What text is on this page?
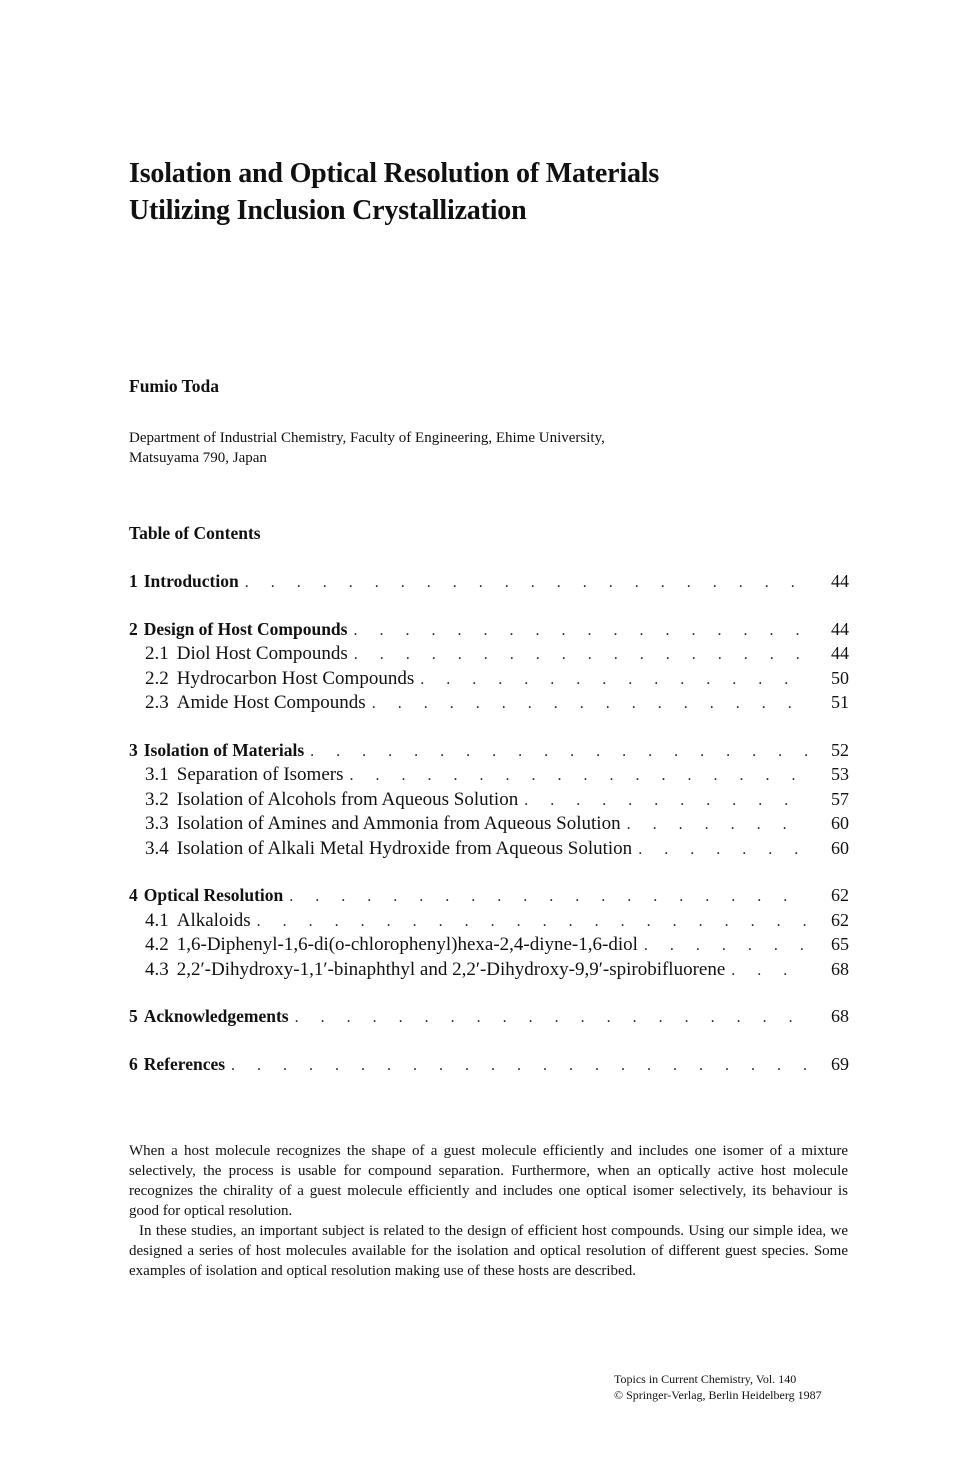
Isolation and Optical Resolution of Materials
Utilizing Inclusion Crystallization

Fumio Toda

Department of Industrial Chemistry, Faculty of Engineering, Ehime University,
Matsuyama 790, Japan

Table of Contents
1 Introduction . . .	44
2 Design of Host Compounds . . .	44
2.1 Diol Host Compounds . . .	44
2.2 Hydrocarbon Host Compounds . . .	50
2.3 Amide Host Compounds . . .	51
3 Isolation of Materials . . .	52
3.1 Separation of Isomers . . .	53
3.2 Isolation of Alcohols from Aqueous Solution . . .	57
3.3 Isolation of Amines and Ammonia from Aqueous Solution . . .	60
3.4 Isolation of Alkali Metal Hydroxide from Aqueous Solution . . .	60
4 Optical Resolution . . .	62
4.1 Alkaloids . . .	62
4.2 1,6-Diphenyl-1,6-di(o-chlorophenyl)hexa-2,4-diyne-1,6-diol . . .	65
4.3 2,2′-Dihydroxy-1,1′-binaphthyl and 2,2′-Dihydroxy-9,9′-spirobifluorene . . .	68
5 Acknowledgements . . .	68
6 References . . .	69

When a host molecule recognizes the shape of a guest molecule efficiently and includes one isomer of a mixture selectively, the process is usable for compound separation. Furthermore, when an optically active host molecule recognizes the chirality of a guest molecule efficiently and includes one optical isomer selectively, its behaviour is good for optical resolution.

In these studies, an important subject is related to the design of efficient host compounds. Using our simple idea, we designed a series of host molecules available for the isolation and optical resolution of different guest species. Some examples of isolation and optical resolution making use of these hosts are described.

Topics in Current Chemistry, Vol. 140
© Springer-Verlag, Berlin Heidelberg 1987
